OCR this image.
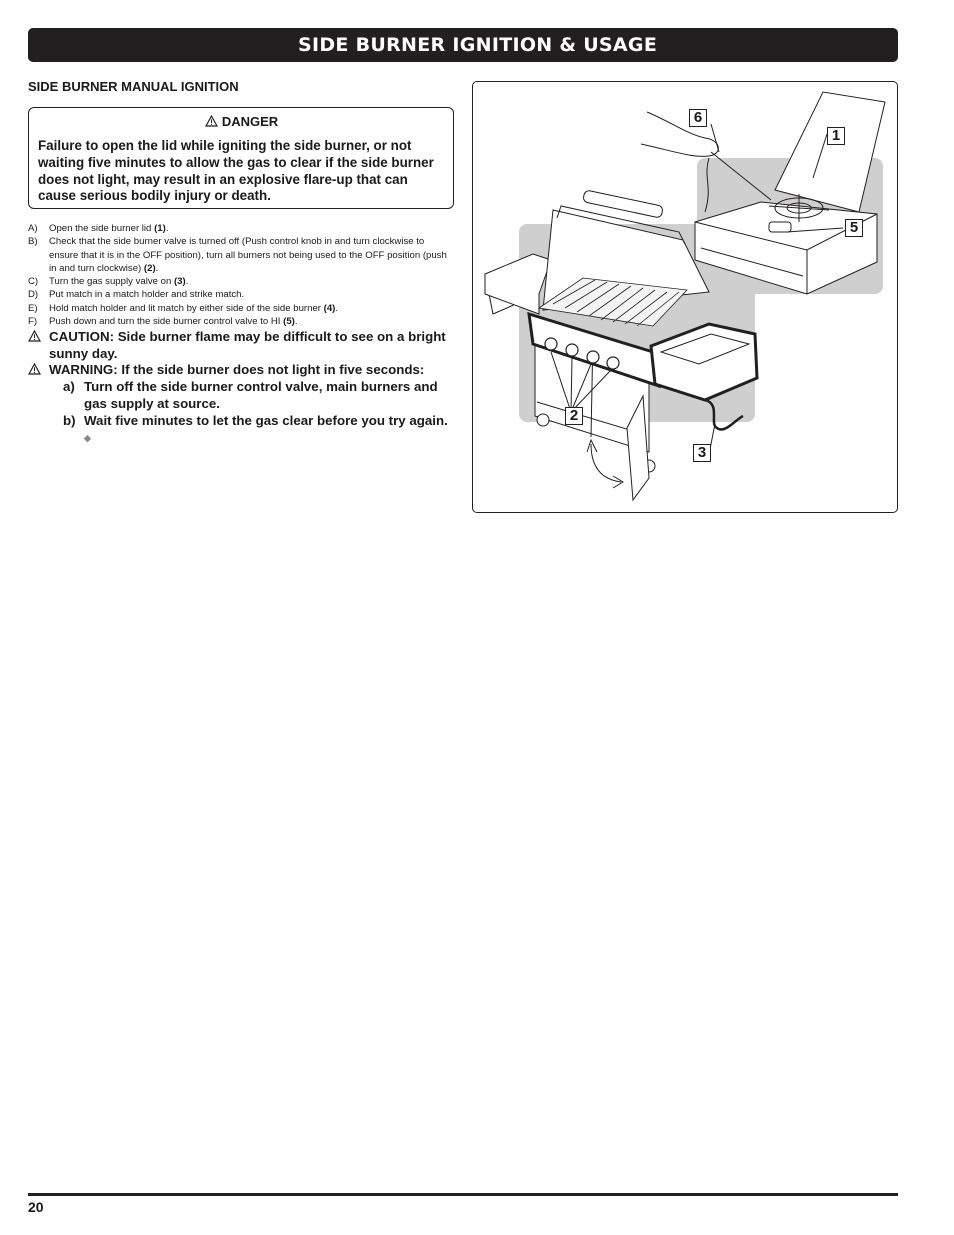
SIDE BURNER IGNITION & USAGE
SIDE BURNER MANUAL IGNITION
DANGER
Failure to open the lid while igniting the side burner, or not waiting five minutes to allow the gas to clear if the side burner does not light, may result in an explosive flare-up that can cause serious bodily injury or death.
A)	Open the side burner lid (1).
B)	Check that the side burner valve is turned off (Push control knob in and turn clockwise to ensure that it is in the OFF position), turn all burners not being used to the OFF position (push in and turn clockwise) (2).
C)	Turn the gas supply valve on (3).
D)	Put match in a match holder and strike match.
E)	Hold match holder and lit match by either side of the side burner (4).
F)	Push down and turn the side burner control valve to HI (5).
CAUTION: Side burner flame may be difficult to see on a bright sunny day.
WARNING: If the side burner does not light in five seconds:
a) Turn off the side burner control valve, main burners and gas supply at source.
b) Wait five minutes to let the gas clear before you try again. ◆
6
1
5
2
3
20
